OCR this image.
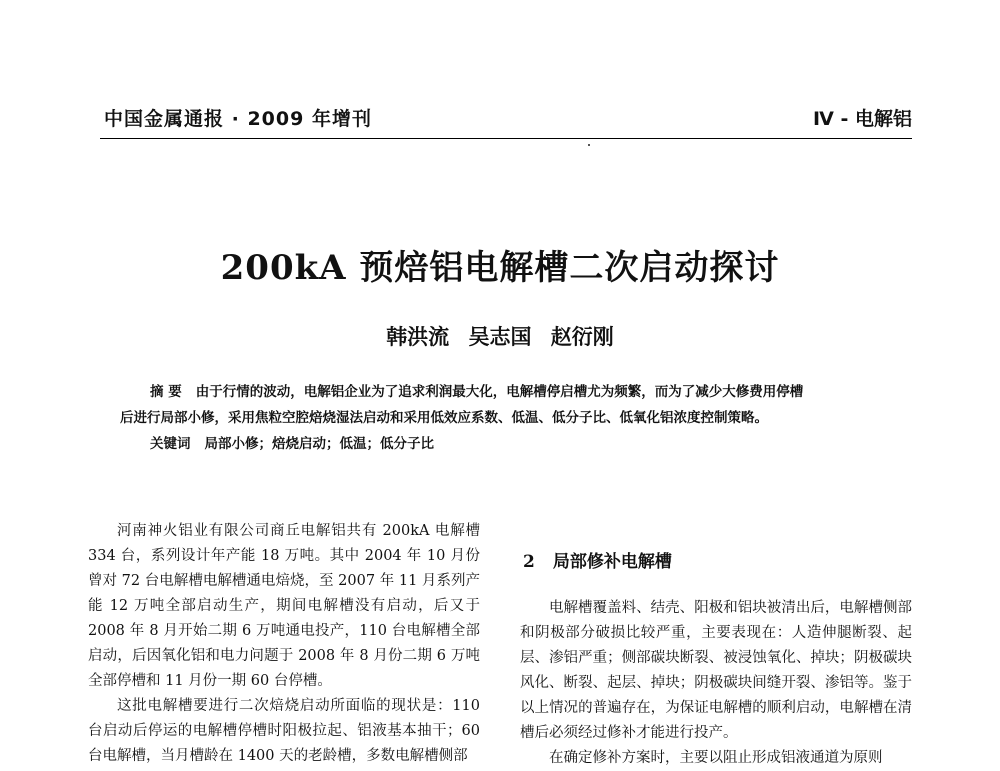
中国金属通报 · 2009 年增刊	Ⅳ - 电解铝
200kA 预焙铝电解槽二次启动探讨
韩洪流 吴志国 赵衍刚
摘 要 由于行情的波动，电解铝企业为了追求利润最大化，电解槽停启槽尤为频繁，而为了减少大修费用停槽
后进行局部小修，采用焦粒空腔焙烧湿法启动和采用低效应系数、低温、低分子比、低氧化铝浓度控制策略。
关键词 局部小修；焙烧启动；低温；低分子比

河南神火铝业有限公司商丘电解铝共有 200kA 电解槽 334 台，系列设计年产能 18 万吨。其中 2004 年 10 月份曾对 72 台电解槽电解槽通电焙烧，至 2007 年 11 月系列产能 12 万吨全部启动生产，期间电解槽没有启动，后又于 2008 年 8 月开始二期 6 万吨通电投产，110 台电解槽全部启动，后因氧化铝和电力问题于 2008 年 8 月份二期 6 万吨全部停槽和 11 月份一期 60 台停槽。

这批电解槽要进行二次焙烧启动所面临的现状是：110 台启动后停运的电解槽停槽时阳极拉起、铝液基本抽干；60 台电解槽，当月槽龄在 1400 天的老龄槽，多数电解槽侧部

2 局部修补电解槽

电解槽覆盖料、结壳、阳极和铝块被清出后，电解槽侧部和阴极部分破损比较严重，主要表现在：人造伸腿断裂、起层、渗铝严重；侧部碳块断裂、被浸蚀氧化、掉块；阴极碳块风化、断裂、起层、掉块；阴极碳块间缝开裂、渗铝等。鉴于以上情况的普遍存在，为保证电解槽的顺利启动，电解槽在清槽后必须经过修补才能进行投产。

在确定修补方案时，主要以阻止形成铝液通道为原则
